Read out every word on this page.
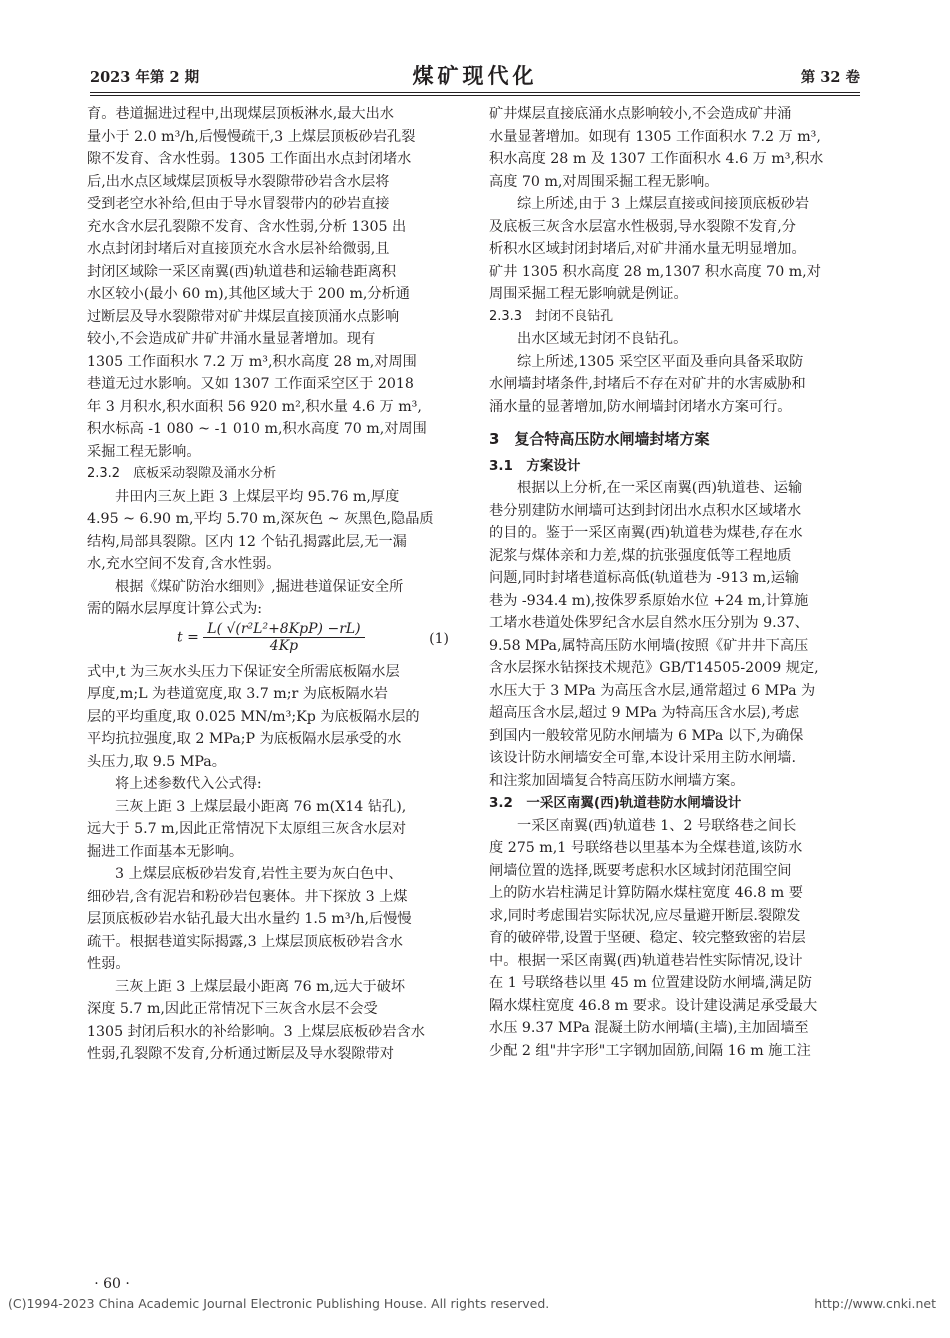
2023 年第 2 期	煤矿现代化	第 32 卷
育。巷道掘进过程中,出现煤层顶板淋水,最大出水
量小于 2.0 m³/h,后慢慢疏干,3 上煤层顶板砂岩孔裂
隙不发育、含水性弱。1305 工作面出水点封闭堵水
后,出水点区域煤层顶板导水裂隙带砂岩含水层将
受到老空水补给,但由于导水冒裂带内的砂岩直接
充水含水层孔裂隙不发育、含水性弱,分析 1305 出
水点封闭封堵后对直接顶充水含水层补给微弱,且
封闭区域除一采区南翼(西)轨道巷和运输巷距离积
水区较小(最小 60 m),其他区域大于 200 m,分析通
过断层及导水裂隙带对矿井煤层直接顶涌水点影响
较小,不会造成矿井矿井涌水量显著增加。现有
1305 工作面积水 7.2 万 m³,积水高度 28 m,对周围
巷道无过水影响。又如 1307 工作面采空区于 2018
年 3 月积水,积水面积 56 920 m²,积水量 4.6 万 m³,
积水标高 -1 080 ~ -1 010 m,积水高度 70 m,对周围
采掘工程无影响。
2.3.2　底板采动裂隙及涌水分析
井田内三灰上距 3 上煤层平均 95.76 m,厚度
4.95 ~ 6.90 m,平均 5.70 m,深灰色 ~ 灰黑色,隐晶质
结构,局部具裂隙。区内 12 个钻孔揭露此层,无一漏
水,充水空间不发育,含水性弱。
根据《煤矿防治水细则》,掘进巷道保证安全所
需的隔水层厚度计算公式为:
$t = \frac{\text{L( √(r²L²+8KpP) −rL)}}{4Kp}$	(1)
式中,t 为三灰水头压力下保证安全所需底板隔水层
厚度,m;L 为巷道宽度,取 3.7 m;r 为底板隔水岩
层的平均重度,取 0.025 MN/m³;Kp 为底板隔水层的
平均抗拉强度,取 2 MPa;P 为底板隔水层承受的水
头压力,取 9.5 MPa。
将上述参数代入公式得:
三灰上距 3 上煤层最小距离 76 m(X14 钻孔),
远大于 5.7 m,因此正常情况下太原组三灰含水层对
掘进工作面基本无影响。
3 上煤层底板砂岩发育,岩性主要为灰白色中、
细砂岩,含有泥岩和粉砂岩包裹体。井下探放 3 上煤
层顶底板砂岩水钻孔最大出水量约 1.5 m³/h,后慢慢
疏干。根据巷道实际揭露,3 上煤层顶底板砂岩含水
性弱。
三灰上距 3 上煤层最小距离 76 m,远大于破坏
深度 5.7 m,因此正常情况下三灰含水层不会受
1305 封闭后积水的补给影响。3 上煤层底板砂岩含水
性弱,孔裂隙不发育,分析通过断层及导水裂隙带对
矿井煤层直接底涌水点影响较小,不会造成矿井涌
水量显著增加。如现有 1305 工作面积水 7.2 万 m³,
积水高度 28 m 及 1307 工作面积水 4.6 万 m³,积水
高度 70 m,对周围采掘工程无影响。
综上所述,由于 3 上煤层直接或间接顶底板砂岩
及底板三灰含水层富水性极弱,导水裂隙不发育,分
析积水区域封闭封堵后,对矿井涌水量无明显增加。
矿井 1305 积水高度 28 m,1307 积水高度 70 m,对
周围采掘工程无影响就是例证。
2.3.3　封闭不良钻孔
出水区域无封闭不良钻孔。
综上所述,1305 采空区平面及垂向具备采取防
水闸墙封堵条件,封堵后不存在对矿井的水害威胁和
涌水量的显著增加,防水闸墙封闭堵水方案可行。
3　复合特高压防水闸墙封堵方案
3.1　方案设计
根据以上分析,在一采区南翼(西)轨道巷、运输
巷分别建防水闸墙可达到封闭出水点积水区域堵水
的目的。鉴于一采区南翼(西)轨道巷为煤巷,存在水
泥浆与煤体亲和力差,煤的抗张强度低等工程地质
问题,同时封堵巷道标高低(轨道巷为 -913 m,运输
巷为 -934.4 m),按侏罗系原始水位 +24 m,计算施
工堵水巷道处侏罗纪含水层自然水压分别为 9.37、
9.58 MPa,属特高压防水闸墙(按照《矿井井下高压
含水层探水钻探技术规范》GB/T14505-2009 规定,
水压大于 3 MPa 为高压含水层,通常超过 6 MPa 为
超高压含水层,超过 9 MPa 为特高压含水层),考虑
到国内一般较常见防水闸墙为 6 MPa 以下,为确保
该设计防水闸墙安全可靠,本设计采用主防水闸墙.
和注浆加固墙复合特高压防水闸墙方案。
3.2　一采区南翼(西)轨道巷防水闸墙设计
一采区南翼(西)轨道巷 1、2 号联络巷之间长
度 275 m,1 号联络巷以里基本为全煤巷道,该防水
闸墙位置的选择,既要考虑积水区域封闭范围空间
上的防水岩柱满足计算防隔水煤柱宽度 46.8 m 要
求,同时考虑围岩实际状况,应尽量避开断层.裂隙发
育的破碎带,设置于坚硬、稳定、较完整致密的岩层
中。根据一采区南翼(西)轨道巷岩性实际情况,设计
在 1 号联络巷以里 45 m 位置建设防水闸墙,满足防
隔水煤柱宽度 46.8 m 要求。设计建设满足承受最大
水压 9.37 MPa 混凝土防水闸墙(主墙),主加固墙至
少配 2 组"井字形"工字钢加固筋,间隔 16 m 施工注
· 60 ·
(C)1994-2023 China Academic Journal Electronic Publishing House. All rights reserved.	http://www.cnki.net
